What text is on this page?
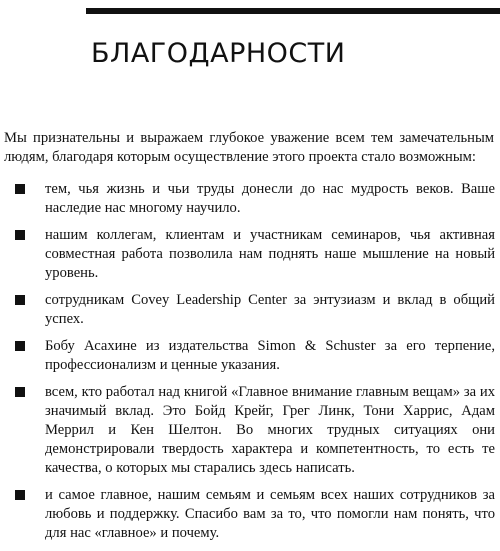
БЛАГОДАРНОСТИ

Мы признательны и выражаем глубокое уважение всем тем замечательным людям, благодаря которым осуществление этого проекта стало возможным:

тем, чья жизнь и чьи труды донесли до нас мудрость веков. Ваше наследие нас многому научило.
нашим коллегам, клиентам и участникам семинаров, чья активная совместная работа позволила нам поднять наше мышление на новый уровень.
сотрудникам Covey Leadership Center за энтузиазм и вклад в общий успех.
Бобу Асахине из издательства Simon & Schuster за его терпение, профессионализм и ценные указания.
всем, кто работал над книгой «Главное внимание главным вещам» за их значимый вклад. Это Бойд Крейг, Грег Линк, Тони Харрис, Адам Меррил и Кен Шелтон. Во многих трудных ситуациях они демонстрировали твердость характера и компетентность, то есть те качества, о которых мы старались здесь написать.
и самое главное, нашим семьям и семьям всех наших сотрудников за любовь и поддержку. Спасибо вам за то, что помогли нам понять, что для нас «главное» и почему.
